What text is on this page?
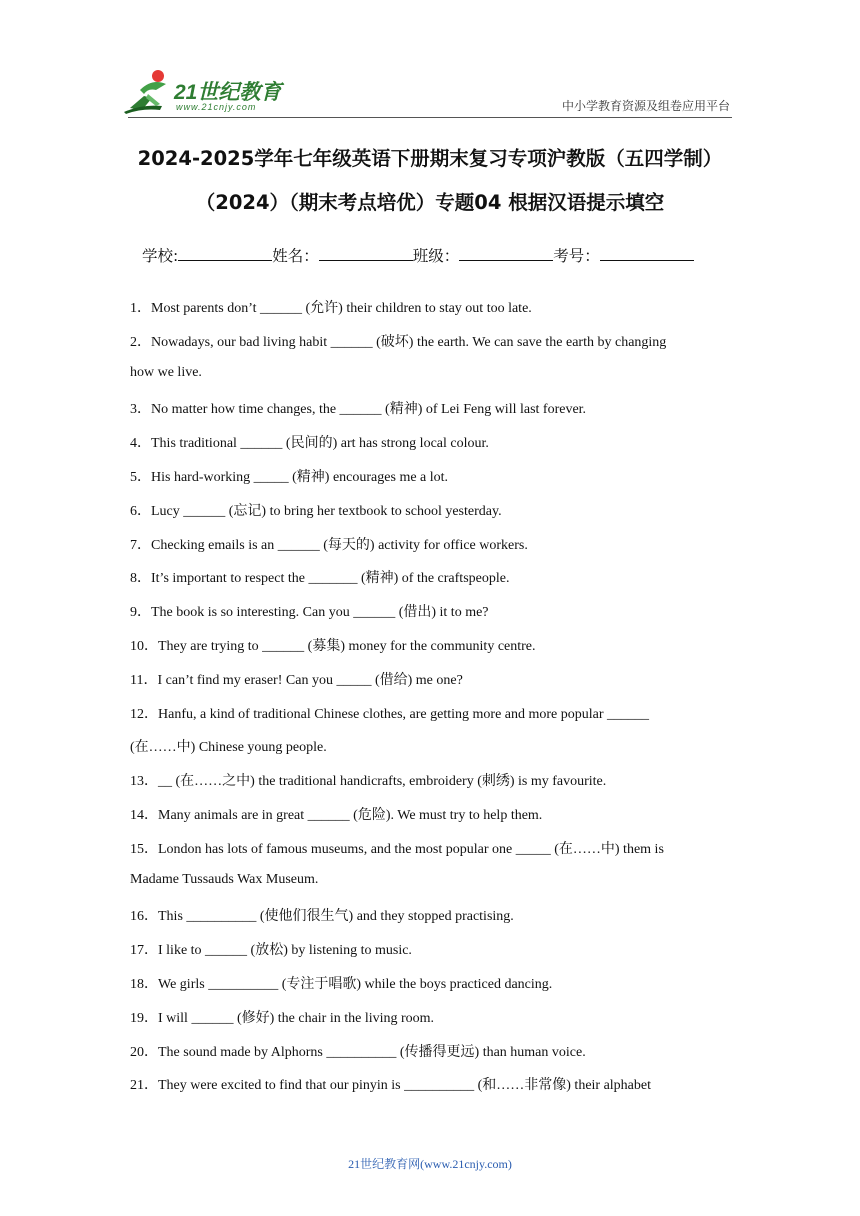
21世纪教育
www.21cnjy.com	中小学教育资源及组卷应用平台
2024-2025学年七年级英语下册期末复习专项沪教版（五四学制）
（2024）（期末考点培优）专题04 根据汉语提示填空
学校:	姓名：	班级：	考号：
1．Most parents don’t ______ (允许) their children to stay out too late.
2．Nowadays, our bad living habit ______ (破坏) the earth. We can save the earth by changing
how we live.
3．No matter how time changes, the ______ (精神) of Lei Feng will last forever.
4．This traditional ______ (民间的) art has strong local colour.
5．His hard-working _____ (精神) encourages me a lot.
6．Lucy ______ (忘记) to bring her textbook to school yesterday.
7．Checking emails is an ______ (每天的) activity for office workers.
8．It’s important to respect the _______ (精神) of the craftspeople.
9．The book is so interesting. Can you ______ (借出) it to me?
10．They are trying to ______ (募集) money for the community centre.
11．I can’t find my eraser! Can you _____ (借给) me one?
12．Hanfu, a kind of traditional Chinese clothes, are getting more and more popular ______
(在……中) Chinese young people.
13．__ (在……之中) the traditional handicrafts, embroidery (刺绣) is my favourite.
14．Many animals are in great ______ (危险). We must try to help them.
15．London has lots of famous museums, and the most popular one _____ (在……中) them is
Madame Tussauds Wax Museum.
16．This __________ (使他们很生气) and they stopped practising.
17．I like to ______ (放松) by listening to music.
18．We girls __________ (专注于唱歌) while the boys practiced dancing.
19．I will ______ (修好) the chair in the living room.
20．The sound made by Alphorns __________ (传播得更远) than human voice.
21．They were excited to find that our pinyin is __________ (和……非常像) their alphabet
21世纪教育网(www.21cnjy.com)
